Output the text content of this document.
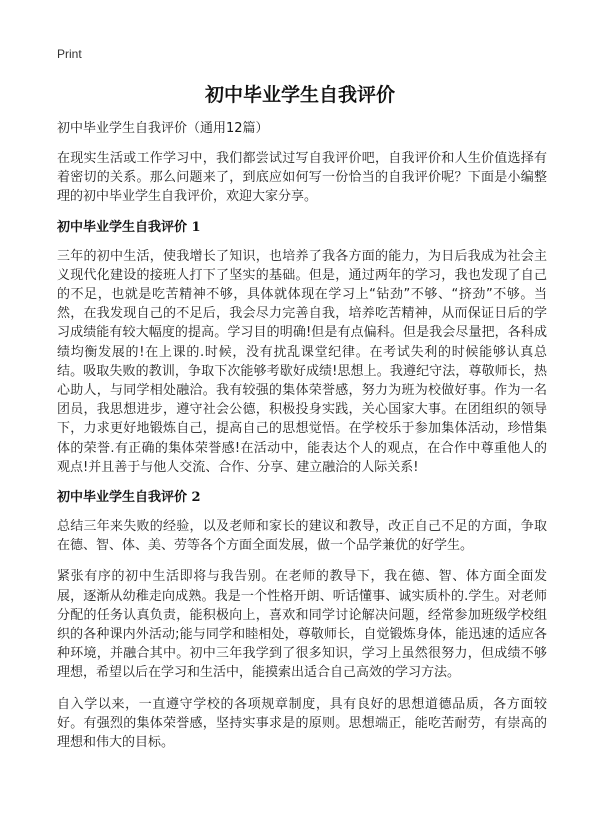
Print
初中毕业学生自我评价
初中毕业学生自我评价（通用12篇）

在现实生活或工作学习中，我们都尝试过写自我评价吧，自我评价和人生价值选择有着密切的关系。那么问题来了，到底应如何写一份恰当的自我评价呢？下面是小编整理的初中毕业学生自我评价，欢迎大家分享。

初中毕业学生自我评价 1

三年的初中生活，使我增长了知识，也培养了我各方面的能力，为日后我成为社会主义现代化建设的接班人打下了坚实的基础。但是，通过两年的学习，我也发现了自己的不足，也就是吃苦精神不够，具体就体现在学习上“钻劲”不够、“挤劲”不够。当然，在我发现自己的不足后，我会尽力完善自我，培养吃苦精神，从而保证日后的学习成绩能有较大幅度的提高。学习目的明确!但是有点偏科。但是我会尽量把，各科成绩均衡发展的!在上课的.时候，没有扰乱课堂纪律。在考试失利的时候能够认真总结。吸取失败的教训，争取下次能够考歇好成绩!思想上。我遵纪守法，尊敬师长，热心助人，与同学相处融洽。我有较强的集体荣誉感，努力为班为校做好事。作为一名团员，我思想进步，遵守社会公德，积极投身实践，关心国家大事。在团组织的领导下，力求更好地锻炼自己，提高自己的思想觉悟。在学校乐于参加集体活动，珍惜集体的荣誉.有正确的集体荣誉感!在活动中，能表达个人的观点，在合作中尊重他人的观点!并且善于与他人交流、合作、分享、建立融洽的人际关系!

初中毕业学生自我评价 2

总结三年来失败的经验，以及老师和家长的建议和教导，改正自己不足的方面，争取在德、智、体、美、劳等各个方面全面发展，做一个品学兼优的好学生。

紧张有序的初中生活即将与我告别。在老师的教导下，我在德、智、体方面全面发展，逐渐从幼稚走向成熟。我是一个性格开朗、听话懂事、诚实质朴的.学生。对老师分配的任务认真负责，能积极向上，喜欢和同学讨论解决问题，经常参加班级学校组织的各种课内外活动;能与同学和睦相处，尊敬师长，自觉锻炼身体，能迅速的适应各种环境，并融合其中。初中三年我学到了很多知识，学习上虽然很努力，但成绩不够理想，希望以后在学习和生活中，能摸索出适合自己高效的学习方法。

自入学以来，一直遵守学校的各项规章制度，具有良好的思想道德品质，各方面较好。有强烈的集体荣誉感，坚持实事求是的原则。思想端正，能吃苦耐劳，有崇高的理想和伟大的目标。
